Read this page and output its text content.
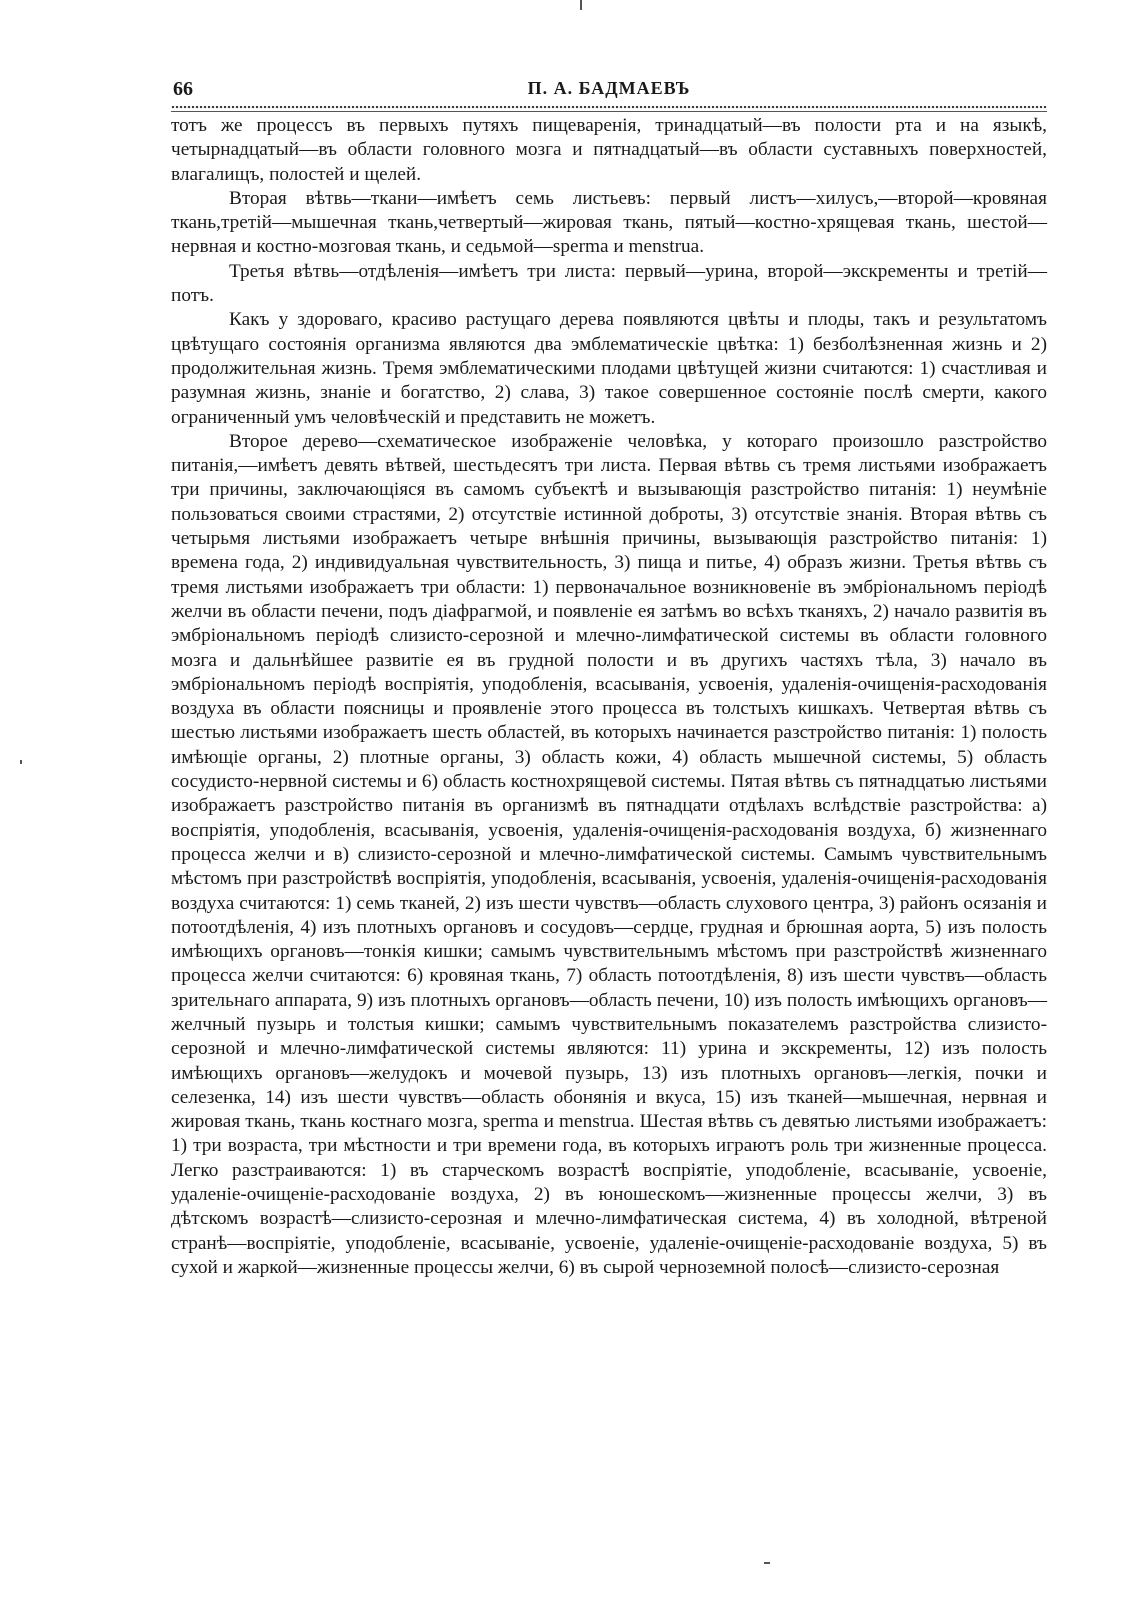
66	П. А. БАДМАЕВЪ

тотъ же процессъ въ первыхъ путяхъ пищеваренія, тринадцатый—въ полости рта и на языкѣ, четырнадцатый—въ области головного мозга и пятнадцатый—въ области суставныхъ поверхностей, влагалищъ, полостей и щелей.

Вторая вѣтвь—ткани—имѣетъ семь листьевъ: первый листъ—хилусъ,—второй—кровяная ткань,третій—мышечная ткань,четвертый—жировая ткань, пятый—костно-хрящевая ткань, шестой—нервная и костно-мозговая ткань, и седьмой—sperma и menstrua.

Третья вѣтвь—отдѣленія—имѣетъ три листа: первый—урина, второй—экскременты и третій—потъ.

Какъ у здороваго, красиво растущаго дерева появляются цвѣты и плоды, такъ и результатомъ цвѣтущаго состоянія организма являются два эмблематическіе цвѣтка: 1) безболѣзненная жизнь и 2) продолжительная жизнь. Тремя эмблематическими плодами цвѣтущей жизни считаются: 1) счастливая и разумная жизнь, знаніе и богатство, 2) слава, 3) такое совершенное состояніе послѣ смерти, какого ограниченный умъ человѣческій и представить не можетъ.

Второе дерево—схематическое изображеніе человѣка, у котораго произошло разстройство питанія,—имѣетъ девять вѣтвей, шестьдесятъ три листа. Первая вѣтвь съ тремя листьями изображаетъ три причины, заключающіяся въ самомъ субъектѣ и вызывающія разстройство питанія: 1) неумѣніе пользоваться своими страстями, 2) отсутствіе истинной доброты, 3) отсутствіе знанія. Вторая вѣтвь съ четырьмя листьями изображаетъ четыре внѣшнія причины, вызывающія разстройство питанія: 1) времена года, 2) индивидуальная чувствительность, 3) пища и питье, 4) образъ жизни. Третья вѣтвь съ тремя листьями изображаетъ три области: 1) первоначальное возникновеніе въ эмбріональномъ періодѣ желчи въ области печени, подъ діафрагмой, и появленіе ея затѣмъ во всѣхъ тканяхъ, 2) начало развитія въ эмбріональномъ періодѣ слизисто-серозной и млечно-лимфатической системы въ области головного мозга и дальнѣйшее развитіе ея въ грудной полости и въ другихъ частяхъ тѣла, 3) начало въ эмбріональномъ періодѣ воспріятія, уподобленія, всасыванія, усвоенія, удаленія-очищенія-расходованія воздуха въ области поясницы и проявленіе этого процесса въ толстыхъ кишкахъ. Четвертая вѣтвь съ шестью листьями изображаетъ шесть областей, въ которыхъ начинается разстройство питанія: 1) полость имѣющіе органы, 2) плотные органы, 3) область кожи, 4) область мышечной системы, 5) область сосудисто-нервной системы и 6) область костнохрящевой системы. Пятая вѣтвь съ пятнадцатью листьями изображаетъ разстройство питанія въ организмѣ въ пятнадцати отдѣлахъ вслѣдствіе разстройства: а) воспріятія, уподобленія, всасыванія, усвоенія, удаленія-очищенія-расходованія воздуха, б) жизненнаго процесса желчи и в) слизисто-серозной и млечно-лимфатической системы. Самымъ чувствительнымъ мѣстомъ при разстройствѣ воспріятія, уподобленія, всасыванія, усвоенія, удаленія-очищенія-расходованія воздуха считаются: 1) семь тканей, 2) изъ шести чувствъ—область слухового центра, 3) районъ осязанія и потоотдѣленія, 4) изъ плотныхъ органовъ и сосудовъ—сердце, грудная и брюшная аорта, 5) изъ полость имѣющихъ органовъ—тонкія кишки; самымъ чувствительнымъ мѣстомъ при разстройствѣ жизненнаго процесса желчи считаются: 6) кровяная ткань, 7) область потоотдѣленія, 8) изъ шести чувствъ—область зрительнаго аппарата, 9) изъ плотныхъ органовъ—область печени, 10) изъ полость имѣющихъ органовъ—желчный пузырь и толстыя кишки; самымъ чувствительнымъ показателемъ разстройства слизисто-серозной и млечно-лимфатической системы являются: 11) урина и экскременты, 12) изъ полость имѣющихъ органовъ—желудокъ и мочевой пузырь, 13) изъ плотныхъ органовъ—легкія, почки и селезенка, 14) изъ шести чувствъ—область обонянія и вкуса, 15) изъ тканей—мышечная, нервная и жировая ткань, ткань костнаго мозга, sperma и menstrua. Шестая вѣтвь съ девятью листьями изображаетъ: 1) три возраста, три мѣстности и три времени года, въ которыхъ играютъ роль три жизненные процесса. Легко разстраиваются: 1) въ старческомъ возрастѣ воспріятіе, уподобленіе, всасываніе, усвоеніе, удаленіе-очищеніе-расходованіе воздуха, 2) въ юношескомъ—жизненные процессы желчи, 3) въ дѣтскомъ возрастѣ—слизисто-серозная и млечно-лимфатическая система, 4) въ холодной, вѣтреной странѣ—воспріятіе, уподобленіе, всасываніе, усвоеніе, удаленіе-очищеніе-расходованіе воздуха, 5) въ сухой и жаркой—жизненные процессы желчи, 6) въ сырой черноземной полосѣ—слизисто-серозная
